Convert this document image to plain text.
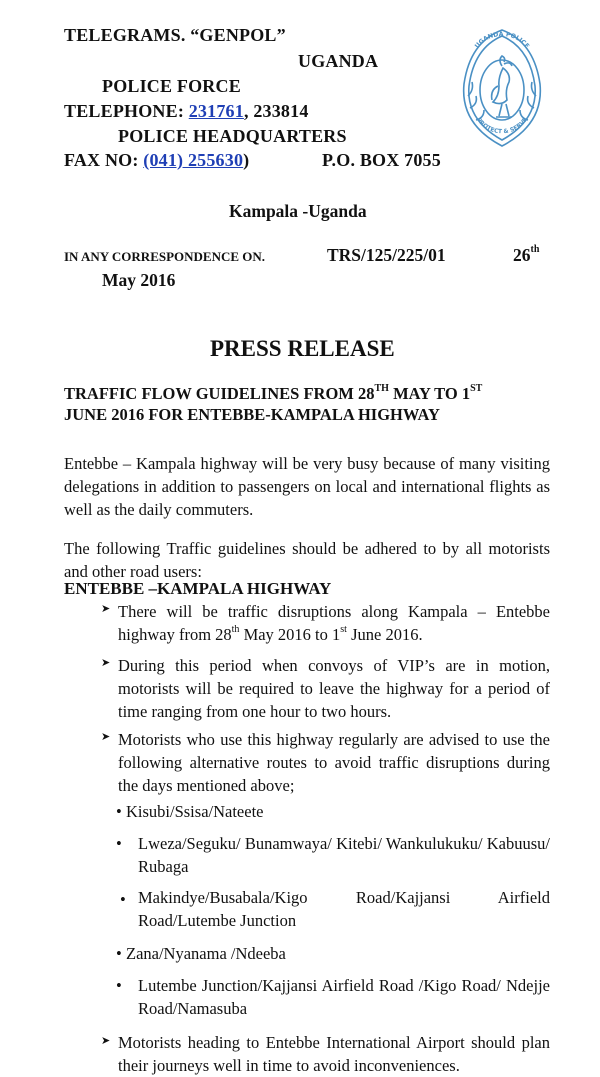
TELEGRAMS. “GENPOL”
UGANDA
POLICE FORCE
TELEPHONE: 231761, 233814
POLICE HEADQUARTERS
FAX NO: (041) 255630)	P.O. BOX 7055
UGANDA POLICE
PROTECT & SERVE
Kampala -Uganda
IN ANY CORRESPONDENCE ON.	TRS/125/225/01	26th
May 2016
PRESS RELEASE
TRAFFIC FLOW GUIDELINES FROM 28TH MAY TO 1ST
JUNE 2016 FOR ENTEBBE-KAMPALA HIGHWAY
Entebbe – Kampala highway will be very busy because of many visiting delegations in addition to passengers on local and international flights as well as the daily commuters.
The following Traffic guidelines should be adhered to by all motorists and other road users:
ENTEBBE –KAMPALA HIGHWAY
➤ There will be traffic disruptions along Kampala – Entebbe highway from 28th May 2016 to 1st June 2016.
➤ During this period when convoys of VIP’s are in motion, motorists will be required to leave the highway for a period of time ranging from one hour to two hours.
➤ Motorists who use this highway regularly are advised to use the following alternative routes to avoid traffic disruptions during the days mentioned above;
• Kisubi/Ssisa/Nateete
• Lweza/Seguku/ Bunamwaya/ Kitebi/ Wankulukuku/ Kabuusu/ Rubaga
• Makindye/Busabala/Kigo Road/Kajjansi Airfield Road/Lutembe Junction
• Zana/Nyanama /Ndeeba
• Lutembe Junction/Kajjansi Airfield Road /Kigo Road/ Ndejje Road/Namasuba
➤ Motorists heading to Entebbe International Airport should plan their journeys well in time to avoid inconveniences.
